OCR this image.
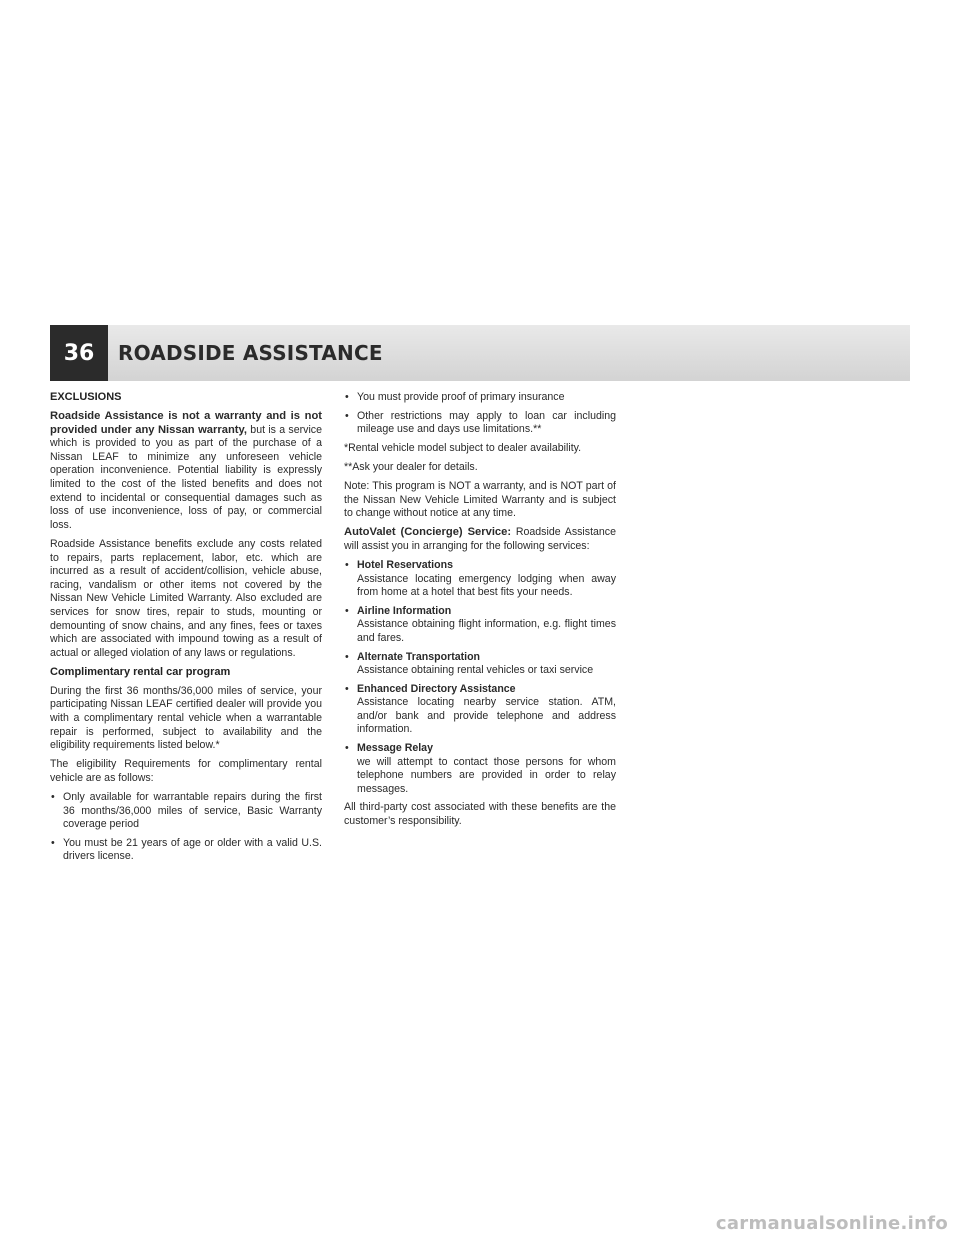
36	ROADSIDE ASSISTANCE

EXCLUSIONS

Roadside Assistance is not a warranty and is not provided under any Nissan warranty, but is a service which is provided to you as part of the purchase of a Nissan LEAF to minimize any unforeseen vehicle operation inconvenience. Potential liability is expressly limited to the cost of the listed benefits and does not extend to incidental or consequential damages such as loss of use inconvenience, loss of pay, or commercial loss.

Roadside Assistance benefits exclude any costs related to repairs, parts replacement, labor, etc. which are incurred as a result of accident/collision, vehicle abuse, racing, vandalism or other items not covered by the Nissan New Vehicle Limited Warranty. Also excluded are services for snow tires, repair to studs, mounting or demounting of snow chains, and any fines, fees or taxes which are associated with impound towing as a result of actual or alleged violation of any laws or regulations.

Complimentary rental car program

During the first 36 months/36,000 miles of service, your participating Nissan LEAF certified dealer will provide you with a complimentary rental vehicle when a warrantable repair is performed, subject to availability and the eligibility requirements listed below.*

The eligibility Requirements for complimentary rental vehicle are as follows:

• Only available for warrantable repairs during the first 36 months/36,000 miles of service, Basic Warranty coverage period
• You must be 21 years of age or older with a valid U.S. drivers license.
• You must provide proof of primary insurance
• Other restrictions may apply to loan car including mileage use and days use limitations.**

*Rental vehicle model subject to dealer availability.

**Ask your dealer for details.

Note: This program is NOT a warranty, and is NOT part of the Nissan New Vehicle Limited Warranty and is subject to change without notice at any time.

AutoValet (Concierge) Service: Roadside Assistance will assist you in arranging for the following services:

• Hotel Reservations
Assistance locating emergency lodging when away from home at a hotel that best fits your needs.
• Airline Information
Assistance obtaining flight information, e.g. flight times and fares.
• Alternate Transportation
Assistance obtaining rental vehicles or taxi service
• Enhanced Directory Assistance
Assistance locating nearby service station. ATM, and/or bank and provide telephone and address information.
• Message Relay
we will attempt to contact those persons for whom telephone numbers are provided in order to relay messages.

All third-party cost associated with these benefits are the customer’s responsibility.

carmanualsonline.info
